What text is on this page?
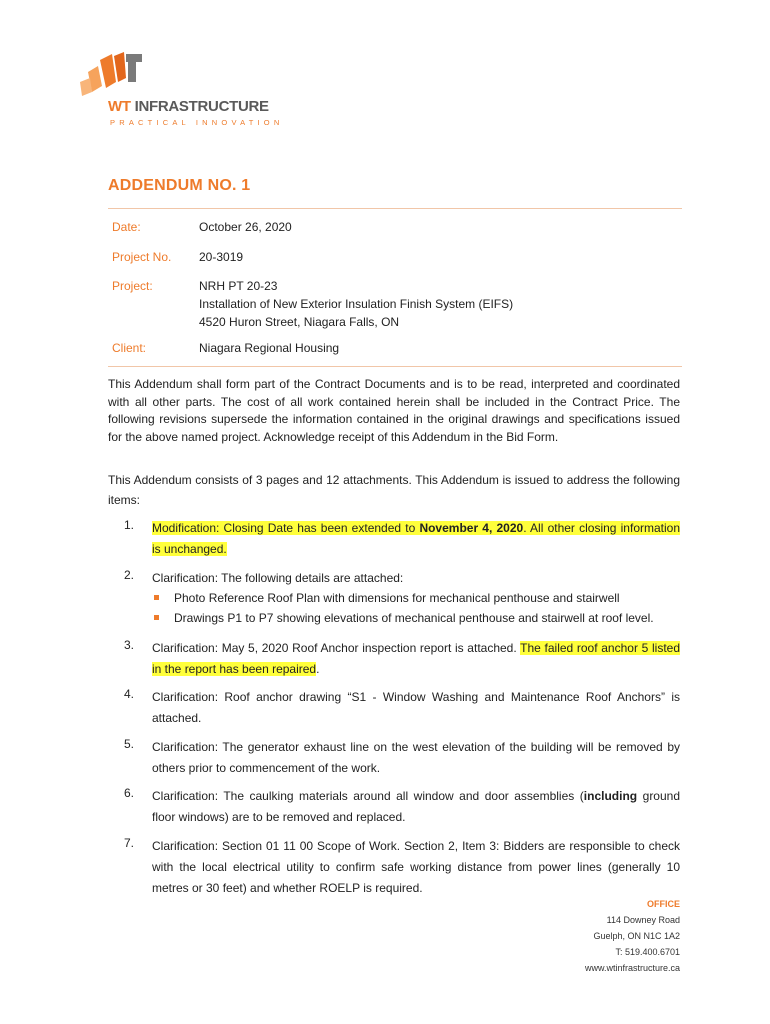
WT INFRASTRUCTURE
PRACTICAL INNOVATION
ADDENDUM NO. 1
Date:	October 26, 2020
Project No. 20-3019
Project:	NRH PT 20-23
Installation of New Exterior Insulation Finish System (EIFS)
4520 Huron Street, Niagara Falls, ON
Client:	Niagara Regional Housing
This Addendum shall form part of the Contract Documents and is to be read, interpreted and coordinated with all other parts. The cost of all work contained herein shall be included in the Contract Price. The following revisions supersede the information contained in the original drawings and specifications issued for the above named project. Acknowledge receipt of this Addendum in the Bid Form.
This Addendum consists of 3 pages and 12 attachments. This Addendum is issued to address the following items:
1. Modification: Closing Date has been extended to November 4, 2020. All other closing information is unchanged.
2. Clarification: The following details are attached:
Photo Reference Roof Plan with dimensions for mechanical penthouse and stairwell
Drawings P1 to P7 showing elevations of mechanical penthouse and stairwell at roof level.
3. Clarification: May 5, 2020 Roof Anchor inspection report is attached. The failed roof anchor 5 listed in the report has been repaired.
4. Clarification: Roof anchor drawing “S1 - Window Washing and Maintenance Roof Anchors” is attached.
5. Clarification: The generator exhaust line on the west elevation of the building will be removed by others prior to commencement of the work.
6. Clarification: The caulking materials around all window and door assemblies (including ground floor windows) are to be removed and replaced.
7. Clarification: Section 01 11 00 Scope of Work. Section 2, Item 3: Bidders are responsible to check with the local electrical utility to confirm safe working distance from power lines (generally 10 metres or 30 feet) and whether ROELP is required.
OFFICE
114 Downey Road
Guelph, ON N1C 1A2
T: 519.400.6701
www.wtinfrastructure.ca
